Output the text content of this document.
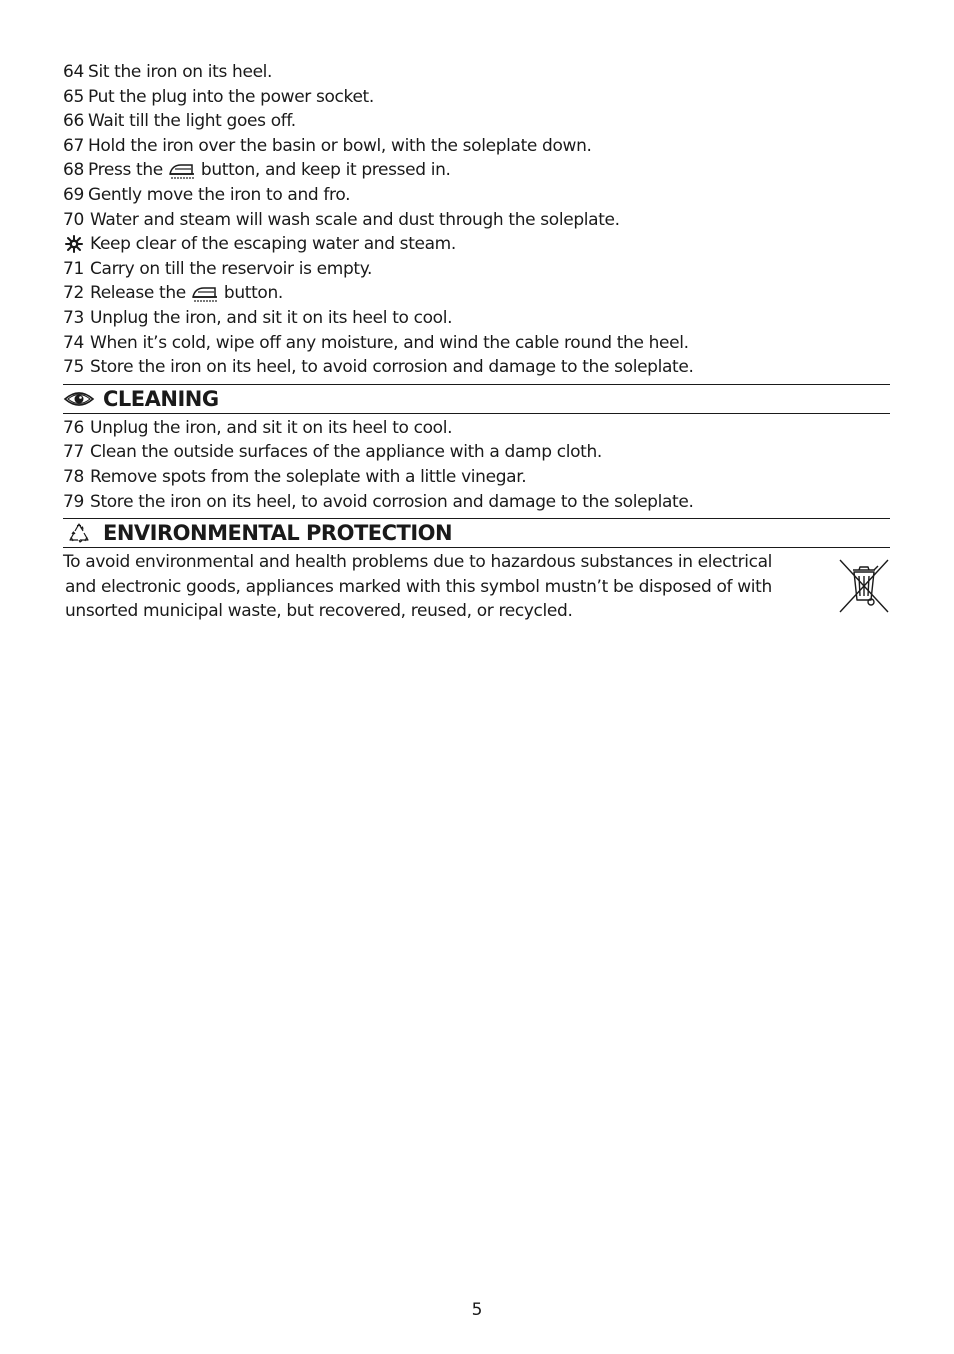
64 Sit the iron on its heel.
65 Put the plug into the power socket.
66 Wait till the light goes off.
67 Hold the iron over the basin or bowl, with the soleplate down.
68 Press the button, and keep it pressed in.
69 Gently move the iron to and fro.
70 Water and steam will wash scale and dust through the soleplate.
Keep clear of the escaping water and steam.
71 Carry on till the reservoir is empty.
72 Release the button.
73 Unplug the iron, and sit it on its heel to cool.
74 When it’s cold, wipe off any moisture, and wind the cable round the heel.
75 Store the iron on its heel, to avoid corrosion and damage to the soleplate.
CLEANING
76 Unplug the iron, and sit it on its heel to cool.
77 Clean the outside surfaces of the appliance with a damp cloth.
78 Remove spots from the soleplate with a little vinegar.
79 Store the iron on its heel, to avoid corrosion and damage to the soleplate.
ENVIRONMENTAL PROTECTION
To avoid environmental and health problems due to hazardous substances in electrical
and electronic goods, appliances marked with this symbol mustn’t be disposed of with
unsorted municipal waste, but recovered, reused, or recycled.
5
